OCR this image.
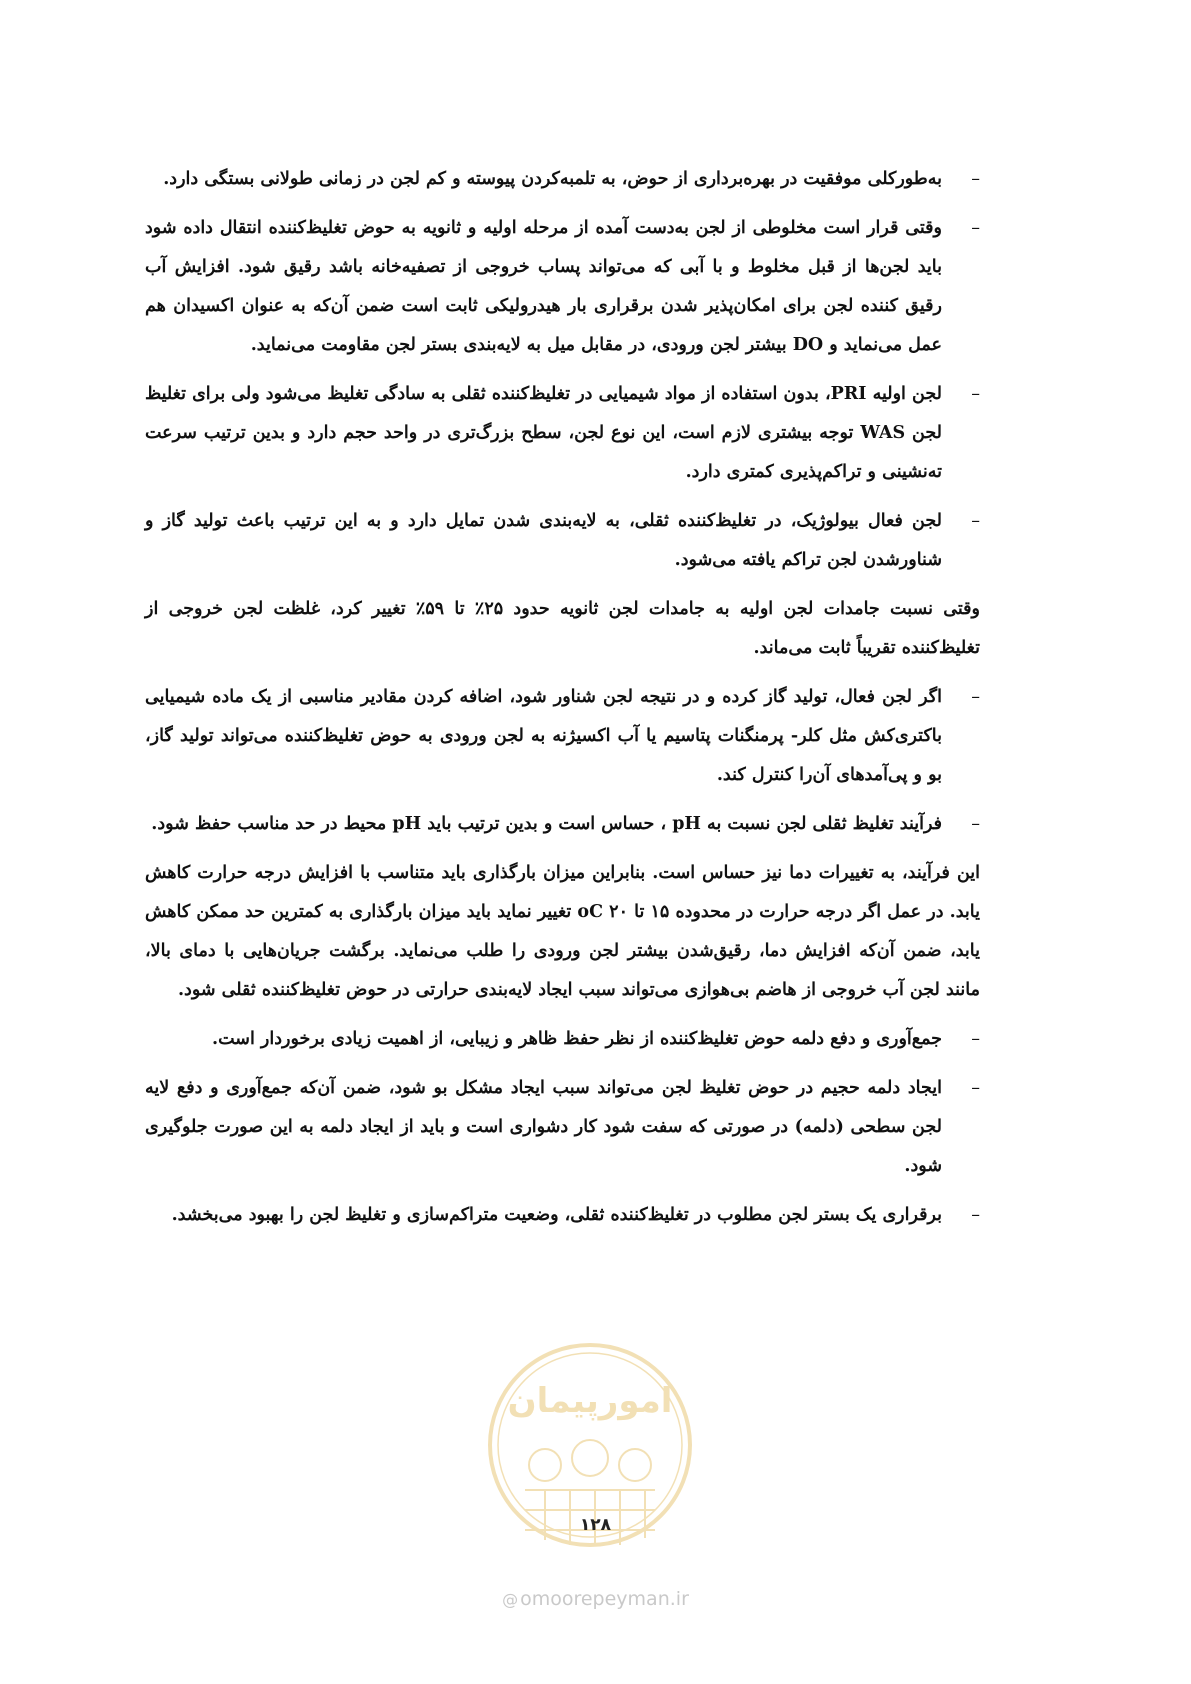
–
به‌طورکلی موفقیت در بهره‌برداری از حوض، به تلمبه‌کردن پیوسته و کم لجن در زمانی طولانی بستگی دارد.
–
وقتی قرار است مخلوطی از لجن به‌دست آمده از مرحله اولیه و ثانویه به حوض تغلیظ‌کننده انتقال داده شود باید لجن‌ها از قبل مخلوط و با آبی که می‌تواند پساب خروجی از تصفیه‌خانه باشد رقیق شود. افزایش آب رقیق کننده لجن برای امکان‌پذیر شدن برقراری بار هیدرولیکی ثابت است ضمن آن‌که به عنوان اکسیدان هم عمل می‌نماید و DO بیشتر لجن ورودی، در مقابل میل به لایه‌بندی بستر لجن مقاومت می‌نماید.
–
لجن اولیه PRI، بدون استفاده از مواد شیمیایی در تغلیظ‌کننده ثقلی به سادگی تغلیظ می‌شود ولی برای تغلیظ لجن WAS توجه بیشتری لازم است، این نوع لجن، سطح بزرگ‌تری در واحد حجم دارد و بدین ترتیب سرعت ته‌نشینی و تراکم‌پذیری کمتری دارد.
–
لجن فعال بیولوژیک، در تغلیظ‌کننده ثقلی، به لایه‌بندی شدن تمایل دارد و به این ترتیب باعث تولید گاز و شناورشدن لجن تراکم یافته می‌شود.
وقتی نسبت جامدات لجن اولیه به جامدات لجن ثانویه حدود ۲۵٪ تا ۵۹٪ تغییر کرد، غلظت لجن خروجی از تغلیظ‌کننده تقریباً ثابت می‌ماند.
–
اگر لجن فعال، تولید گاز کرده و در نتیجه لجن شناور شود، اضافه کردن مقادیر مناسبی از یک ماده شیمیایی باکتری‌کش مثل کلر- پرمنگنات پتاسیم یا آب اکسیژنه به لجن ورودی به حوض تغلیظ‌کننده می‌تواند تولید گاز، بو و پی‌آمدهای آن‌را کنترل کند.
–
فرآیند تغلیظ ثقلی لجن نسبت به pH ، حساس است و بدین ترتیب باید pH محیط در حد مناسب حفظ شود.
این فرآیند، به تغییرات دما نیز حساس است. بنابراین میزان بارگذاری باید متناسب با افزایش درجه حرارت کاهش یابد. در عمل اگر درجه حرارت در محدوده ۱۵ تا ۲۰ oC تغییر نماید باید میزان بارگذاری به کمترین حد ممکن کاهش یابد، ضمن آن‌که افزایش دما، رقیق‌شدن بیشتر لجن ورودی را طلب می‌نماید. برگشت جریان‌هایی با دمای بالا، مانند لجن آب خروجی از هاضم بی‌هوازی می‌تواند سبب ایجاد لایه‌بندی حرارتی در حوض تغلیظ‌کننده ثقلی شود.
–
جمع‌آوری و دفع دلمه حوض تغلیظ‌کننده از نظر حفظ ظاهر و زیبایی، از اهمیت زیادی برخوردار است.
–
ایجاد دلمه حجیم در حوض تغلیظ لجن می‌تواند سبب ایجاد مشکل بو شود، ضمن آن‌که جمع‌آوری و دفع لایه لجن سطحی (دلمه) در صورتی که سفت شود کار دشواری است و باید از ایجاد دلمه به این صورت جلوگیری شود.
–
برقراری یک بستر لجن مطلوب در تغلیظ‌کننده ثقلی، وضعیت متراکم‌سازی و تغلیظ لجن را بهبود می‌بخشد.
امورپیمان
۱۲۸
@ omoorepeyman.ir
